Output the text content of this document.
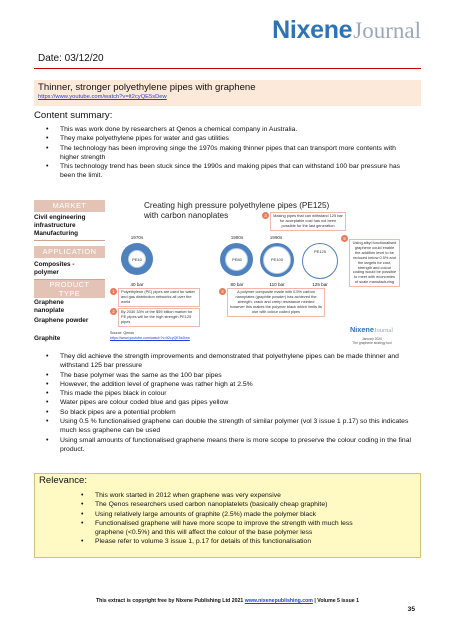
Nixene Journal
Date: 03/12/20
Thinner, stronger polyethylene pipes with graphene
https://www.youtube.com/watch?v=lt2cyQE5sDew
Content summary:
• This was work done by researchers at Qenos a chemical company in Australia.
• They make polyethylene pipes for water and gas utilities
• The technology has been improving singe the 1970s making thinner pipes that can transport more contents with higher strength
• This technology trend has been stuck since the 1990s and making pipes that can withstand 100 bar pressure has been the limit.
MARKET
Civil engineering
infrastructure
Manufacturing
APPLICATION
Composites -
polymer
PRODUCT
TYPE
Graphene
nanoplate
Graphene powder
Graphite
Creating high pressure polyethylene pipes (PE125)
with carbon nanoplates
1970s
PE40
40 bar
1980s
PE80
80 bar
1990s
PE100
110 bar
PE125
125 bar
1	Polyethylene (PE) pipes are used for water and gas distribution networks all over the world
2	By 2030 33% of the $59 billion market for PE pipes will be the high strength PE125 pipes
3	Making pipes that can withstand 125 bar for acceptable cost has not been possible for the last generation
4	A polymer composite made with 0.5% carbon nanoplates (graphite powder) has achieved the strength, crack and creep resistance needed however this makes the polymer black which limits its use with colour coded pipes
5
Using alkyl functionalised graphene could enable the addition level to be reduced below 0.5% and the targets for cost, strength and colour coding would be possible to meet with economies of scale manufacturing
Source: Qenos
https://www.youtube.com/watch?v=lt2cyQE5sDew
NixeneJournal
January 2020
The graphene strategy tool
• They did achieve the strength improvements and demonstrated that polyethylene pipes can be made thinner and withstand 125 bar pressure
• The base polymer was the same as the 100 bar pipes
• However, the addition level of graphene was rather high at 2.5%
• This made the pipes black in colour
• Water pipes are colour coded blue and gas pipes yellow
• So black pipes are a potential problem
• Using 0.5 % functionalised graphene can double the strength of similar polymer (vol 3 issue 1 p.17) so this indicates much less graphene can be used
• Using small amounts of functionalised graphene means there is more scope to preserve the colour coding in the final product.
Relevance:
• This work started in 2012 when graphene was very expensive
• The Qenos researchers used carbon nanoplatelets (basically cheap graphite)
• Using relatively large amounts of graphite (2.5%) made the polymer black
• Functionalised graphene will have more scope to improve the strength with much less graphene (<0.5%) and this will affect the colour of the base polymer less
• Please refer to volume 3 issue 1, p.17 for details of this functionalisation
This extract is copyright free by Nixene Publishing Ltd 2021 www.nixenepublishing.com | Volume 5 issue 1
35
